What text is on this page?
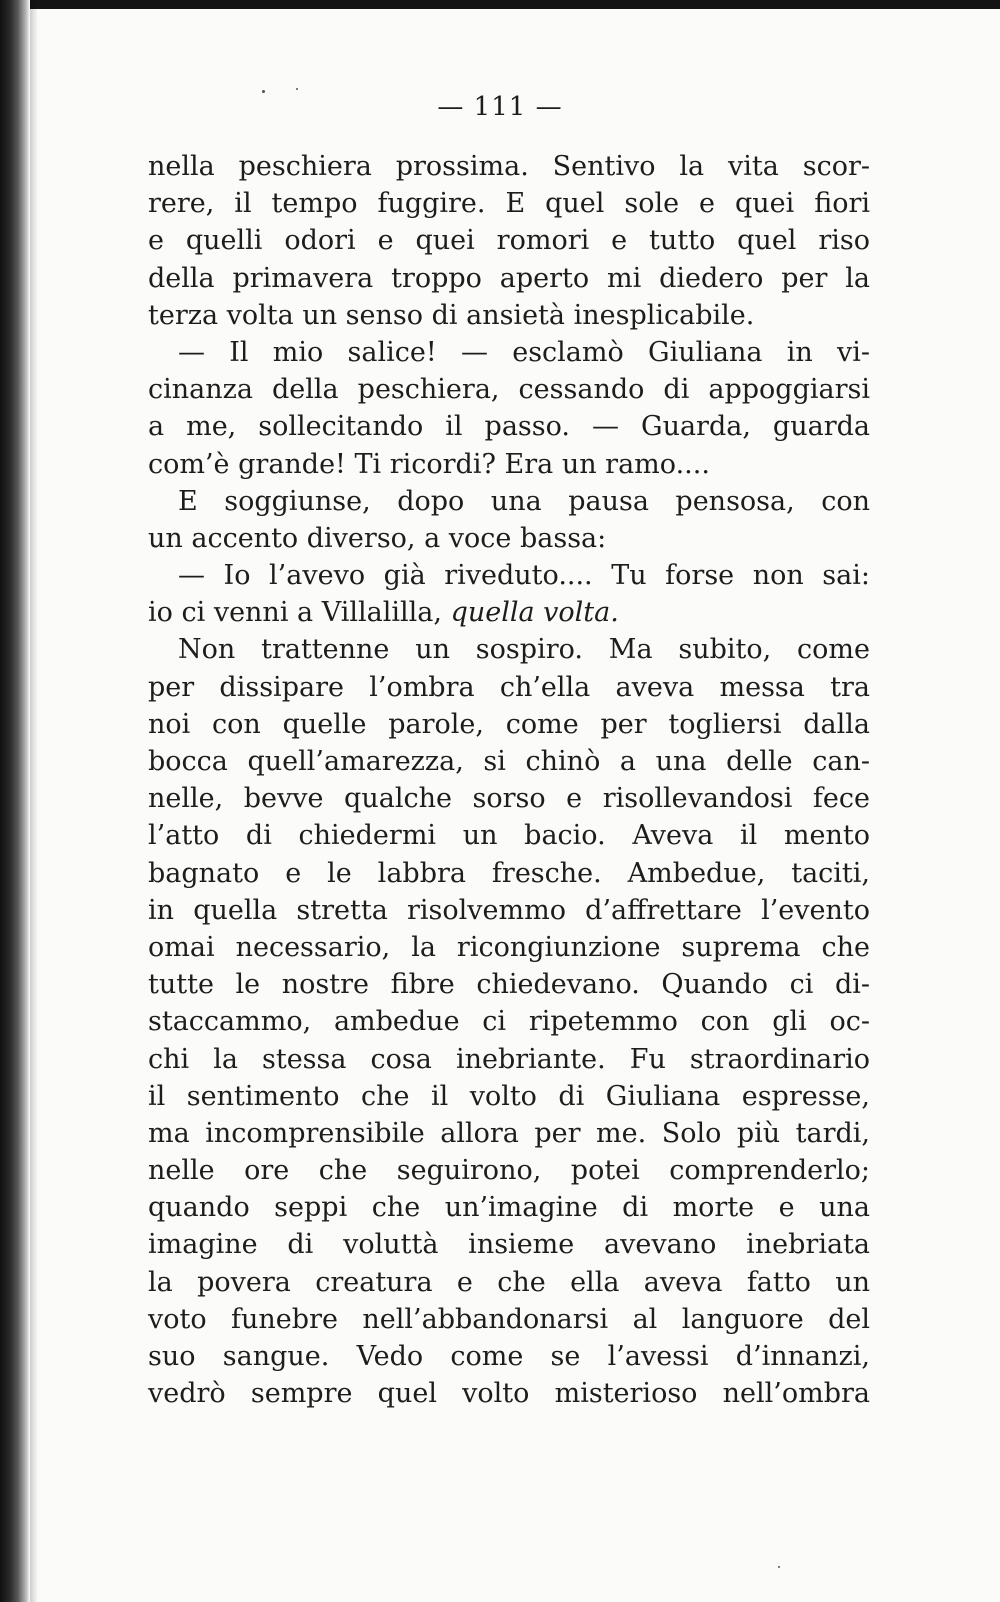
— 111 —
nella peschiera prossima. Sentivo la vita scor-
rere, il tempo fuggire. E quel sole e quei fiori
e quelli odori e quei romori e tutto quel riso
della primavera troppo aperto mi diedero per la
terza volta un senso di ansietà inesplicabile.
— Il mio salice! — esclamò Giuliana in vi-
cinanza della peschiera, cessando di appoggiarsi
a me, sollecitando il passo. — Guarda, guarda
com’è grande! Ti ricordi? Era un ramo....
E soggiunse, dopo una pausa pensosa, con
un accento diverso, a voce bassa:
— Io l’avevo già riveduto.... Tu forse non sai:
io ci venni a Villalilla, quella volta.
Non trattenne un sospiro. Ma subito, come
per dissipare l’ombra ch’ella aveva messa tra
noi con quelle parole, come per togliersi dalla
bocca quell’amarezza, si chinò a una delle can-
nelle, bevve qualche sorso e risollevandosi fece
l’atto di chiedermi un bacio. Aveva il mento
bagnato e le labbra fresche. Ambedue, taciti,
in quella stretta risolvemmo d’affrettare l’evento
omai necessario, la ricongiunzione suprema che
tutte le nostre fibre chiedevano. Quando ci di-
staccammo, ambedue ci ripetemmo con gli oc-
chi la stessa cosa inebriante. Fu straordinario
il sentimento che il volto di Giuliana espresse,
ma incomprensibile allora per me. Solo più tardi,
nelle ore che seguirono, potei comprenderlo;
quando seppi che un’imagine di morte e una
imagine di voluttà insieme avevano inebriata
la povera creatura e che ella aveva fatto un
voto funebre nell’abbandonarsi al languore del
suo sangue. Vedo come se l’avessi d’innanzi,
vedrò sempre quel volto misterioso nell’ombra
